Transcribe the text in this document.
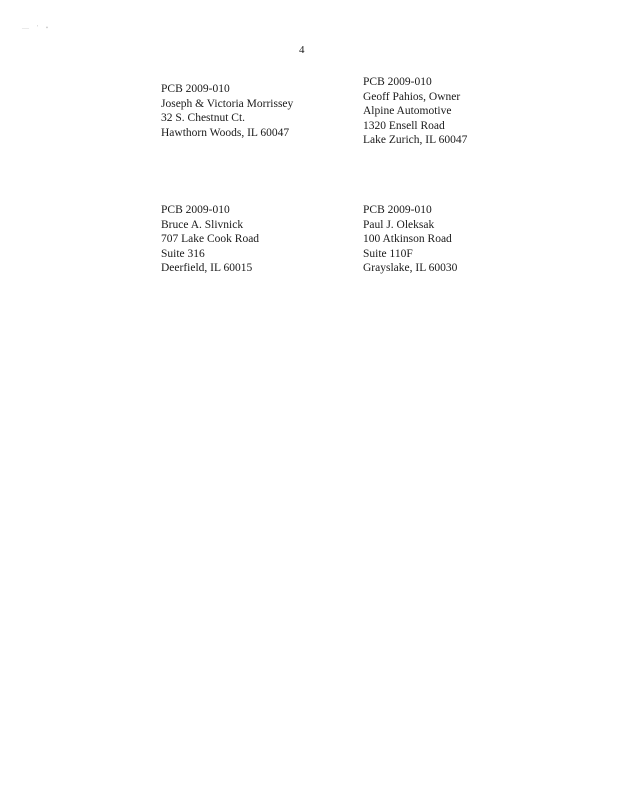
— ' •
4
PCB 2009-010
Joseph & Victoria Morrissey
32 S. Chestnut Ct.
Hawthorn Woods, IL 60047
PCB 2009-010
Geoff Pahios, Owner
Alpine Automotive
1320 Ensell Road
Lake Zurich, IL 60047
PCB 2009-010
Bruce A. Slivnick
707 Lake Cook Road
Suite 316
Deerfield, IL 60015
PCB 2009-010
Paul J. Oleksak
100 Atkinson Road
Suite 110F
Grayslake, IL 60030
